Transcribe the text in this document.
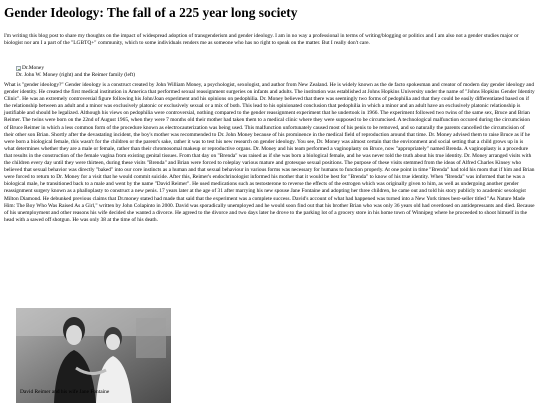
Gender Ideology: The fall of a 225 year long society

I'm writing this blog post to share my thoughts on the impact of widespread adoption of transgenderism and gender ideology. I am in no way a professional in terms of writing/blogging or politics and I am also not a gender studies major or biologist nor am I a part of the "LGBTQ+" community, which to some individuals renders me as someone who has no right to speak on the matter. But I really don't care.

Dr.Money
Dr. John W. Money (right) and the Reimer family (left)

What is "gender ideology?" Gender ideology is a construct created by John William Money, a psychologist, sexologist, and author from New Zealand. He is widely known as the de facto spokesman and creator of modern day gender ideology and gender identity. He created the first medical institution in America that performed sexual reassignment surgeries on infants and adults. The institution was established at Johns Hopkins University under the name of "Johns Hopkins Gender Identity Clinic". He was an extremely controversial figure following his John/Joan experiment and his opinions on pedophilia. Dr. Money believed that there was seemingly two forms of pedophilia and that they could be easily differentiated based on if the relationship between an adult and a minor was exclusively platonic or exclusively sexual or a mix of both. This lead to his opinionated conclusion that pedophilia in which a minor and an adult have an exclusively platonic relationship is justifiable and should be legalized. Although his views on pedophilia were controversial, nothing compared to the gender reassignment experiment that he undertook in 1966. The experiment followed two twins of the same sex, Bruce and Brian Reimer. The twins were born on the 22nd of August 1965, when they were 7 months old their mother had taken them to a medical clinic where they were supposed to be circumcised. A technological malfunction occured during the circumcision of Bruce Reimer in which a less common form of the procedure known as electrocauterization was being used. This malfunction unfortunately caused most of his penis to be removed, and so naturally the parents cancelled the circumcision of their other son Brian. Shortly after the devastating incident, the boy's mother was recommended to Dr. John Money because of his prominence in the medical field of reproduction around that time. Dr. Money advised them to raise Bruce as if he were born a biological female, this wasn't for the children or the parent's sake, rather it was to test his new research on gender ideology. You see, Dr. Money was almost certain that the environment and social setting that a child grows up in is what determines whether they are a male or female, rather than their chromosomal makeup or reproductive organs. Dr. Money and his team performed a vaginoplasty on Bruce, now "appropriately" named Brenda. A vaginoplasty is a procedure that results in the construction of the female vagina from existing genital tissues. From that day on "Brenda" was raised as if she was born a biological female, and he was never told the truth about his true identity. Dr. Money arranged visits with the children every day until they were thirteen, during these visits "Brenda" and Brian were forced to roleplay various mature and grotesque sexual positions. The purpose of these visits stemmed from the ideas of Alfred Charles Kinsey who believed that sexual behavior was directly "baked" into our core instincts as a human and that sexual behaviour in various forms was necessary for humans to function properly. At one point in time "Brenda" had told his mom that if him and Brian were forced to return to Dr. Money for a visit that he would commit suicide. After this, Reimer's endochrinologist informed his mother that it would be best for "Brenda" to know of his true identity. When "Brenda" was informed that he was a biological male, he transitioned back to a male and went by the name "David Reimer". He used medications such as testosterone to reverse the effects of the estrogen which was originally given to him, as well as undergoing another gender reassignment surgery known as a phalloplasty to construct a new penis. 17 years later at the age of 31 after marrying his new spouse Jane Fontaine and adopting her three children, he came out and told his story publicly to academic sexologist Milton Diamond. He debunked previous claims that Dr.money stated had made that said that the experiment was a complete success. David's account of what had happened was turned into a New York times best-seller titled "As Nature Made Him: The Boy Who Was Raised As a Girl," written by John Colapinto in 2000. David was sporadically unemployed and he would soon find out that his brother Brian who was only 36 years old had overdosed on antidepressants and died. Because of his unemployment and other reasons his wife decided she wanted a divorce. He agreed to the divorce and two days later he drove to the parking lot of a grocery store in his home town of Winnipeg where he proceeded to shoot himself in the head with a sawed off shotgun. He was only 38 at the time of his death.

David Reimer and his wife Jane Fontaine
